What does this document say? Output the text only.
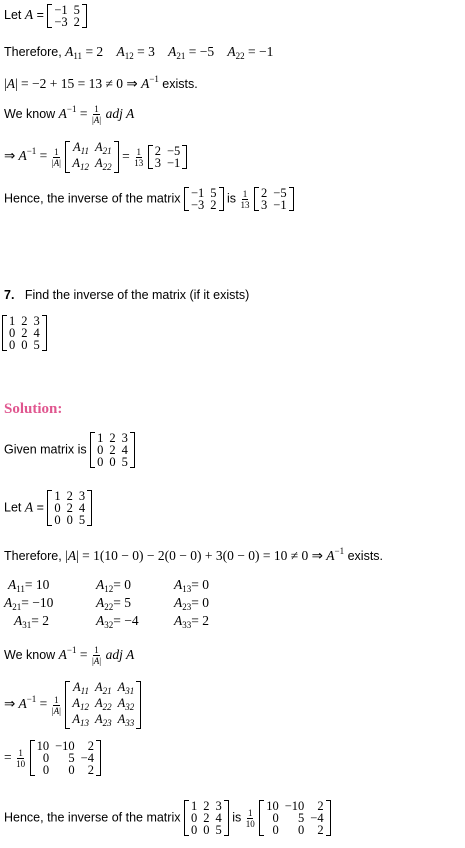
Let A = −1	5
−3	2
Therefore, $A_{11} = 2$    $A_{12} = 3$    $A_{21} = -5$    $A_{22} = -1$
|A| = −2 + 15 = 13 ≠ 0 ⇒ $A^{-1}$ exists.
We know $A^{-1} = \frac{1}{|A|}$ adj A
⇒ $A^{-1} = \frac{1}{|A|}$
$A_{11}$	$A_{21}$
$A_{12}$	$A_{22}$
= $\frac{1}{13}$
2	−5
3	−1
Hence, the inverse of the matrix −1	5
−3	2 is $\frac{1}{13}$
2	−5
3	−1
7. Find the inverse of the matrix (if it exists)
1	2	3
0	2	4
0	0	5
Solution:
Given matrix is
1	2	3
0	2	4
0	0	5
Let A =
1	2	3
0	2	4
0	0	5
Therefore, |A| = 1(10 − 0) − 2(0 − 0) + 3(0 − 0) = 10 ≠ 0 ⇒ $A^{-1}$ exists.
$A_{11}= 10$	$A_{12}= 0$	$A_{13}= 0$
$A_{21}= -10$	$A_{22}= 5$	$A_{23}= 0$
$A_{31}= 2$	$A_{32}= -4$	$A_{33}= 2$
We know $A^{-1} = \frac{1}{|A|}$ adj A
⇒ $A^{-1} = \frac{1}{|A|}$

$A_{11}$	$A_{21}$	$A_{31}$
$A_{12}$	$A_{22}$	$A_{32}$
$A_{13}$	$A_{23}$	$A_{33}$
= $\frac{1}{10}$

10	−10	2
0	5	−4
0	0	2
Hence, the inverse of the matrix
1	2	3
0	2	4
0	0	5
is $\frac{1}{10}$

10	−10	2
0	5	−4
0	0	2
